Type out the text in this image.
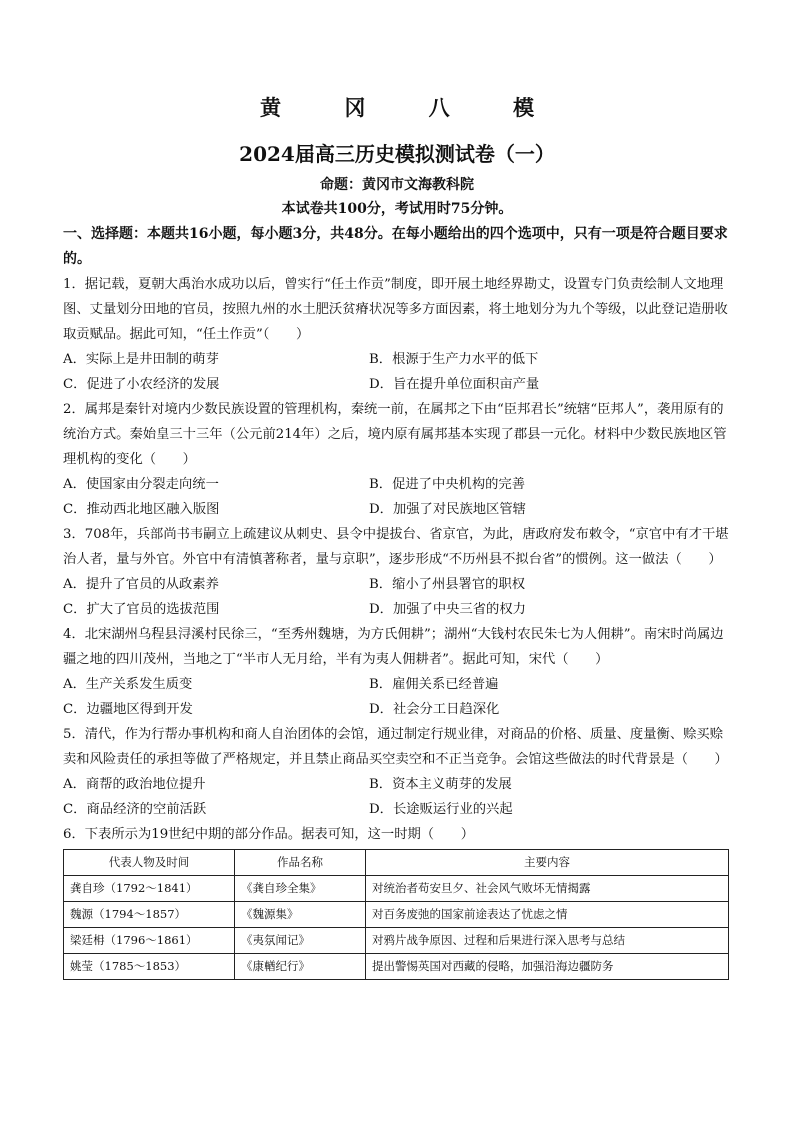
黄 冈 八 模
2024届高三历史模拟测试卷（一）
命题：黄冈市文海教科院
本试卷共100分，考试用时75分钟。
一、选择题：本题共16小题，每小题3分，共48分。在每小题给出的四个选项中，只有一项是符合题目要求的。

1．据记载，夏朝大禹治水成功以后，曾实行“任土作贡”制度，即开展土地经界勘丈，设置专门负责绘制人文地理图、丈量划分田地的官员，按照九州的水土肥沃贫瘠状况等多方面因素，将土地划分为九个等级，以此登记造册收取贡赋品。据此可知，“任土作贡”（　　）

A．实际上是井田制的萌芽	B．根源于生产力水平的低下
C．促进了小农经济的发展	D．旨在提升单位面积亩产量

2．属邦是秦针对境内少数民族设置的管理机构，秦统一前，在属邦之下由“臣邦君长”统辖“臣邦人”，袭用原有的统治方式。秦始皇三十三年（公元前214年）之后，境内原有属邦基本实现了郡县一元化。材料中少数民族地区管理机构的变化（　　）

A．使国家由分裂走向统一	B．促进了中央机构的完善
C．推动西北地区融入版图	D．加强了对民族地区管辖

3．708年，兵部尚书韦嗣立上疏建议从刺史、县令中提拔台、省京官，为此，唐政府发布敕令，“京官中有才干堪治人者，量与外官。外官中有清慎著称者，量与京职”，逐步形成“不历州县不拟台省”的惯例。这一做法（　　）

A．提升了官员的从政素养	B．缩小了州县署官的职权
C．扩大了官员的选拔范围	D．加强了中央三省的权力

4．北宋湖州乌程县浔溪村民徐三，“至秀州魏塘，为方氏佣耕”；湖州“大钱村农民朱七为人佣耕”。南宋时尚属边疆之地的四川茂州，当地之丁“半市人无月给，半有为夷人佣耕者”。据此可知，宋代（　　）

A．生产关系发生质变	B．雇佣关系已经普遍
C．边疆地区得到开发	D．社会分工日趋深化

5．清代，作为行帮办事机构和商人自治团体的会馆，通过制定行规业律，对商品的价格、质量、度量衡、赊买赊卖和风险责任的承担等做了严格规定，并且禁止商品买空卖空和不正当竞争。会馆这些做法的时代背景是（　　）

A．商帮的政治地位提升	B．资本主义萌芽的发展
C．商品经济的空前活跃	D．长途贩运行业的兴起

6．下表所示为19世纪中期的部分作品。据表可知，这一时期（　　）

代表人物及时间	作品名称	主要内容
龚自珍（1792～1841）	《龚自珍全集》	对统治者苟安旦夕、社会风气败坏无情揭露
魏源（1794～1857）	《魏源集》	对百务废弛的国家前途表达了忧虑之情
梁廷枏（1796～1861）	《夷氛闻记》	对鸦片战争原因、过程和后果进行深入思考与总结
姚莹（1785～1853）	《康輶纪行》	提出警惕英国对西藏的侵略，加强沿海边疆防务
